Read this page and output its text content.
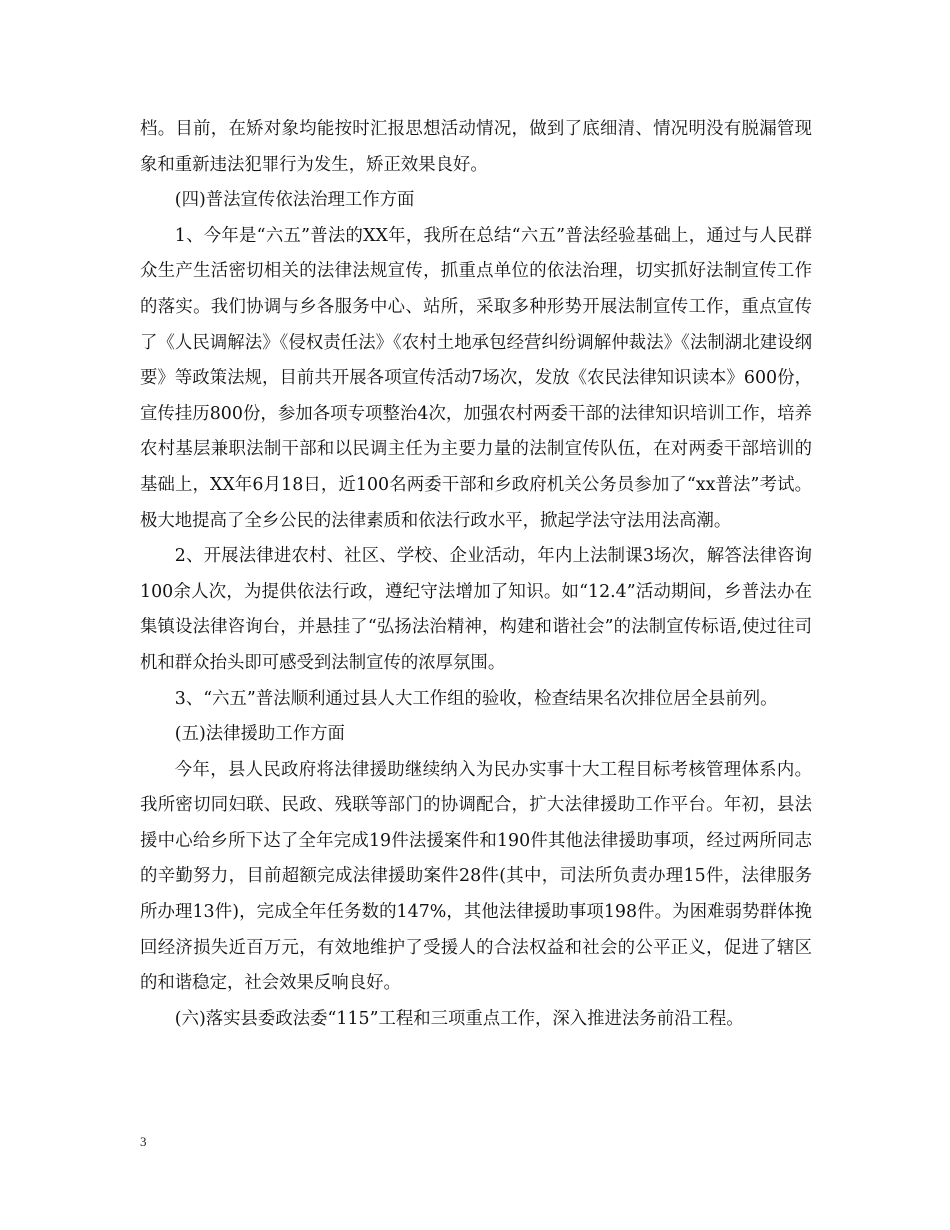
档。目前，在矫对象均能按时汇报思想活动情况，做到了底细清、情况明没有脱漏管现象和重新违法犯罪行为发生，矫正效果良好。

(四)普法宣传依法治理工作方面

1、今年是“六五”普法的XX年，我所在总结“六五”普法经验基础上，通过与人民群众生产生活密切相关的法律法规宣传，抓重点单位的依法治理，切实抓好法制宣传工作的落实。我们协调与乡各服务中心、站所，采取多种形势开展法制宣传工作，重点宣传了《人民调解法》《侵权责任法》《农村土地承包经营纠纷调解仲裁法》《法制湖北建设纲要》等政策法规，目前共开展各项宣传活动7场次，发放《农民法律知识读本》600份，宣传挂历800份，参加各项专项整治4次，加强农村两委干部的法律知识培训工作，培养农村基层兼职法制干部和以民调主任为主要力量的法制宣传队伍，在对两委干部培训的基础上，XX年6月18日，近100名两委干部和乡政府机关公务员参加了“xx普法”考试。极大地提高了全乡公民的法律素质和依法行政水平，掀起学法守法用法高潮。

2、开展法律进农村、社区、学校、企业活动，年内上法制课3场次，解答法律咨询100余人次，为提供依法行政，遵纪守法增加了知识。如“12.4”活动期间，乡普法办在集镇设法律咨询台，并悬挂了“弘扬法治精神，构建和谐社会”的法制宣传标语,使过往司机和群众抬头即可感受到法制宣传的浓厚氛围。

3、“六五”普法顺利通过县人大工作组的验收，检查结果名次排位居全县前列。

(五)法律援助工作方面

今年，县人民政府将法律援助继续纳入为民办实事十大工程目标考核管理体系内。我所密切同妇联、民政、残联等部门的协调配合，扩大法律援助工作平台。年初，县法援中心给乡所下达了全年完成19件法援案件和190件其他法律援助事项，经过两所同志的辛勤努力，目前超额完成法律援助案件28件(其中，司法所负责办理15件，法律服务所办理13件)，完成全年任务数的147%，其他法律援助事项198件。为困难弱势群体挽回经济损失近百万元，有效地维护了受援人的合法权益和社会的公平正义，促进了辖区的和谐稳定，社会效果反响良好。

(六)落实县委政法委“115”工程和三项重点工作，深入推进法务前沿工程。

3
